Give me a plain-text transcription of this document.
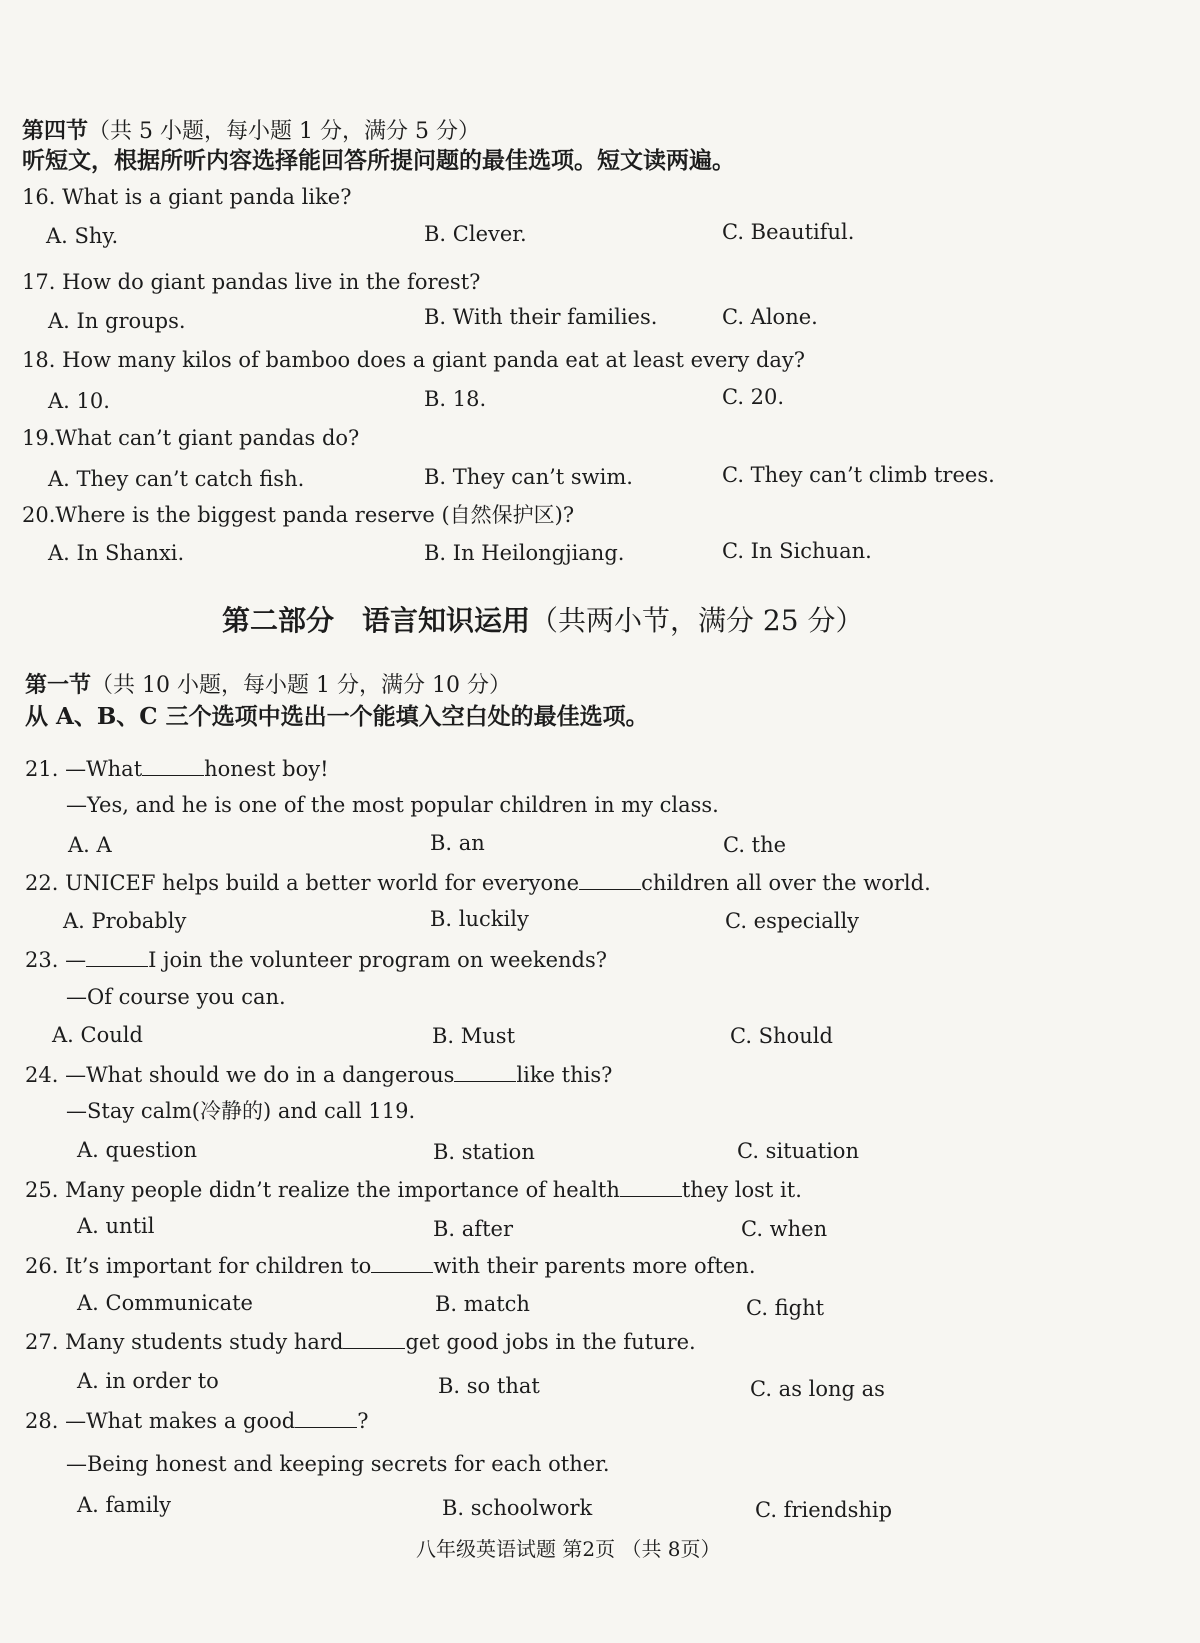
第四节（共 5 小题，每小题 1 分，满分 5 分）
听短文，根据所听内容选择能回答所提问题的最佳选项。短文读两遍。
16. What is a giant panda like?
A. Shy.	B. Clever.	C. Beautiful.
17. How do giant pandas live in the forest?
A. In groups.	B. With their families.	C. Alone.
18. How many kilos of bamboo does a giant panda eat at least every day?
A. 10.	B. 18.	C. 20.
19.What can’t giant pandas do?
A. They can’t catch fish.	B. They can’t swim.	C. They can’t climb trees.
20.Where is the biggest panda reserve (自然保护区)?
A. In Shanxi.	B. In Heilongjiang.	C. In Sichuan.
第二部分　语言知识运用（共两小节，满分 25 分）
第一节（共 10 小题，每小题 1 分，满分 10 分）
从 A、B、C 三个选项中选出一个能填入空白处的最佳选项。
21. —What	honest boy!
—Yes, and he is one of the most popular children in my class.
A. A	B. an	C. the
22. UNICEF helps build a better world for everyone	children all over the world.
A. Probably	B. luckily	C. especially
23. —	I join the volunteer program on weekends?
—Of course you can.
A. Could	B. Must	C. Should
24. —What should we do in a dangerous	like this?
—Stay calm(冷静的) and call 119.
A. question	B. station	C. situation
25. Many people didn’t realize the importance of health	they lost it.
A. until	B. after	C. when
26. It’s important for children to	with their parents more often.
A. Communicate	B. match	C. fight
27. Many students study hard	get good jobs in the future.
A. in order to	B. so that	C. as long as
28. —What makes a good	?
—Being honest and keeping secrets for each other.
A. family	B. schoolwork	C. friendship
八年级英语试题 第2页 （共 8页）
